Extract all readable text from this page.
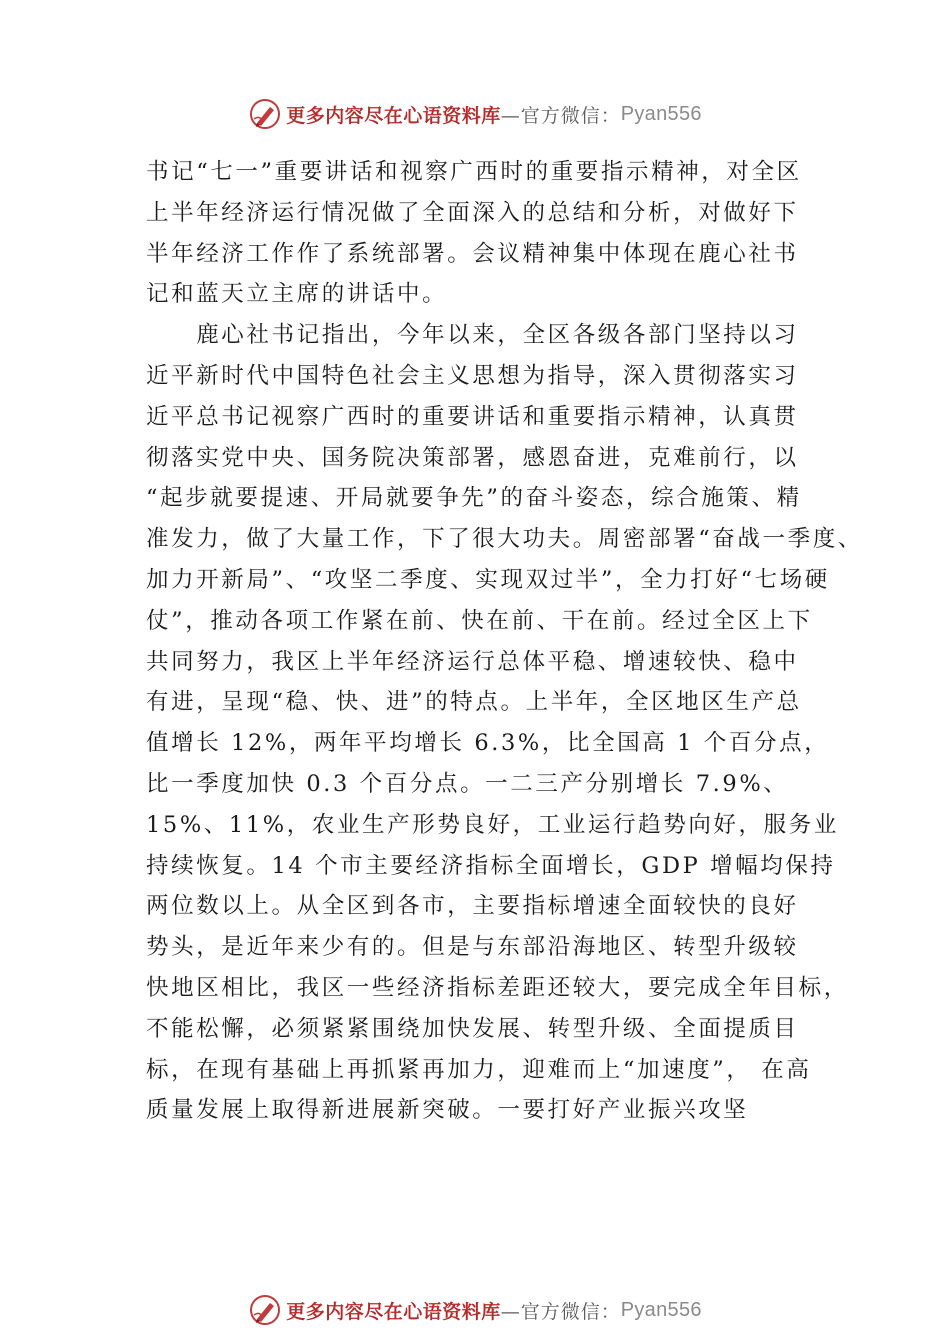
更多内容尽在心语资料库 —官方微信： Pyan556
书记“七一”重要讲话和视察广西时的重要指示精神，对全区
上半年经济运行情况做了全面深入的总结和分析，对做好下
半年经济工作作了系统部署。会议精神集中体现在鹿心社书
记和蓝天立主席的讲话中。
　　鹿心社书记指出，今年以来，全区各级各部门坚持以习
近平新时代中国特色社会主义思想为指导，深入贯彻落实习
近平总书记视察广西时的重要讲话和重要指示精神，认真贯
彻落实党中央、国务院决策部署，感恩奋进，克难前行，以
“起步就要提速、开局就要争先”的奋斗姿态，综合施策、精
准发力，做了大量工作，下了很大功夫。周密部署“奋战一季度、
加力开新局”、“攻坚二季度、实现双过半”，全力打好“七场硬
仗”，推动各项工作紧在前、快在前、干在前。经过全区上下
共同努力，我区上半年经济运行总体平稳、增速较快、稳中
有进，呈现“稳、快、进”的特点。上半年，全区地区生产总
值增长 12%，两年平均增长 6.3%，比全国高 1 个百分点，
比一季度加快 0.3 个百分点。一二三产分别增长 7.9%、
15%、11%，农业生产形势良好，工业运行趋势向好，服务业
持续恢复。14 个市主要经济指标全面增长，GDP 增幅均保持
两位数以上。从全区到各市，主要指标增速全面较快的良好
势头，是近年来少有的。但是与东部沿海地区、转型升级较
快地区相比，我区一些经济指标差距还较大，要完成全年目标，
不能松懈，必须紧紧围绕加快发展、转型升级、全面提质目
标，在现有基础上再抓紧再加力，迎难而上“加速度”， 在高
质量发展上取得新进展新突破。一要打好产业振兴攻坚
更多内容尽在心语资料库 —官方微信： Pyan556
